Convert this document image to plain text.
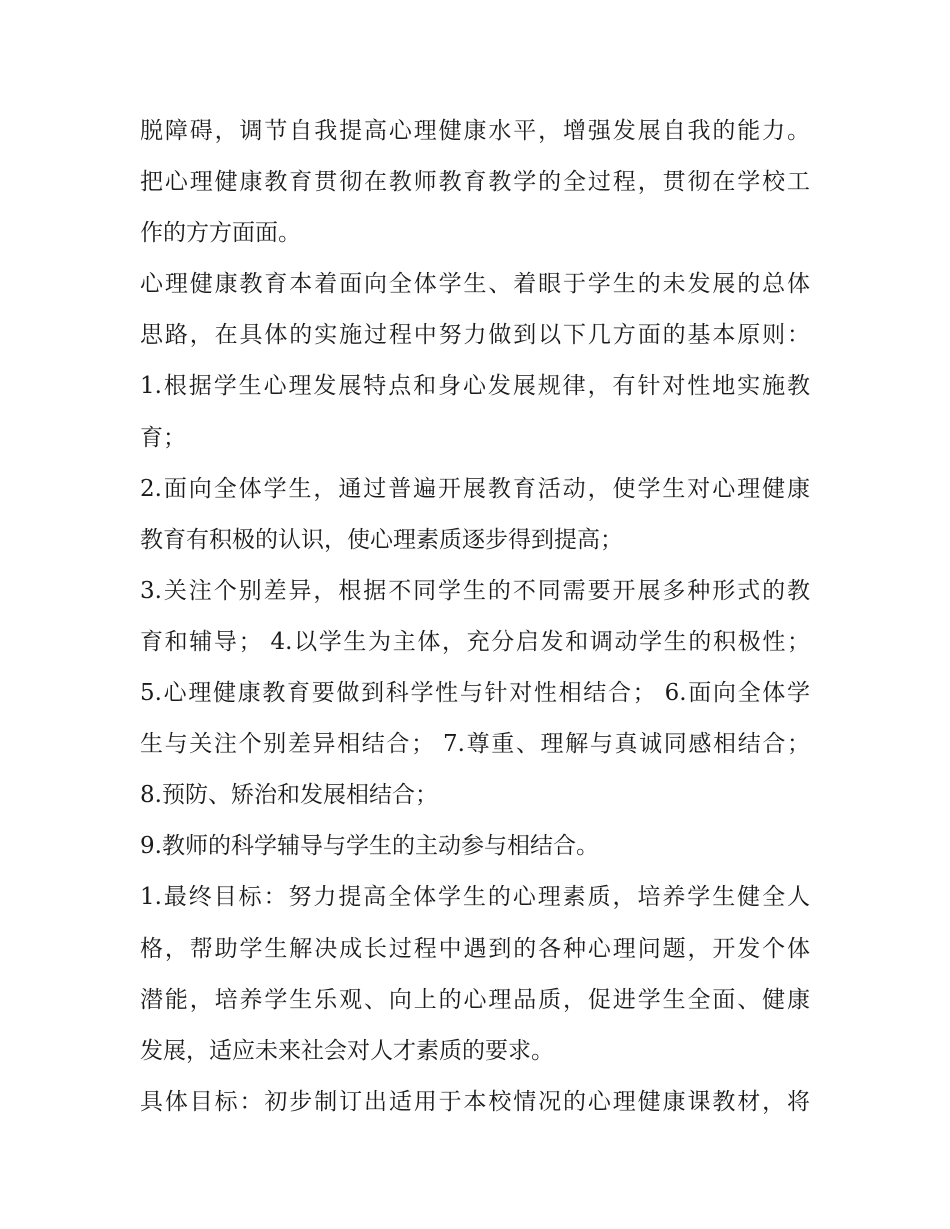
脱障碍，调节自我提高心理健康水平，增强发展自我的能力。
把心理健康教育贯彻在教师教育教学的全过程，贯彻在学校工
作的方方面面。
心理健康教育本着面向全体学生、着眼于学生的未发展的总体
思路，在具体的实施过程中努力做到以下几方面的基本原则：
1.根据学生心理发展特点和身心发展规律，有针对性地实施教
育；
2.面向全体学生，通过普遍开展教育活动，使学生对心理健康
教育有积极的认识，使心理素质逐步得到提高；
3.关注个别差异，根据不同学生的不同需要开展多种形式的教
育和辅导； 4.以学生为主体，充分启发和调动学生的积极性；
5.心理健康教育要做到科学性与针对性相结合； 6.面向全体学
生与关注个别差异相结合； 7.尊重、理解与真诚同感相结合；
8.预防、矫治和发展相结合；
9.教师的科学辅导与学生的主动参与相结合。
1.最终目标：努力提高全体学生的心理素质，培养学生健全人
格，帮助学生解决成长过程中遇到的各种心理问题，开发个体
潜能，培养学生乐观、向上的心理品质，促进学生全面、健康
发展，适应未来社会对人才素质的要求。
具体目标：初步制订出适用于本校情况的心理健康课教材，将
